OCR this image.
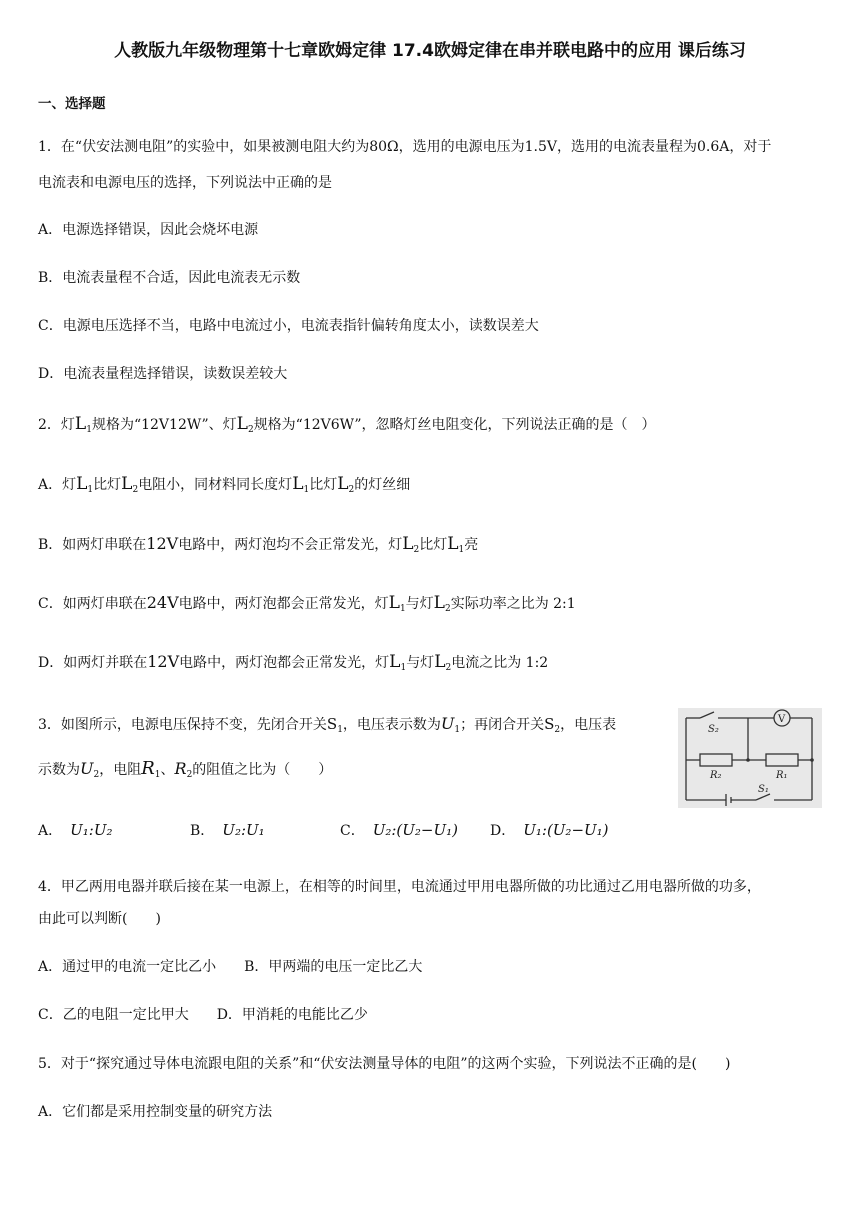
人教版九年级物理第十七章欧姆定律 17.4欧姆定律在串并联电路中的应用 课后练习
一、选择题
1．在“伏安法测电阻”的实验中，如果被测电阻大约为80Ω，选用的电源电压为1.5V，选用的电流表量程为0.6A，对于
电流表和电源电压的选择，下列说法中正确的是
A．电源选择错误，因此会烧坏电源
B．电流表量程不合适，因此电流表无示数
C．电源电压选择不当，电路中电流过小，电流表指针偏转角度太小，读数误差大
D．电流表量程选择错误，读数误差较大
2．灯$L_1$规格为“12V12W”、灯$L_2$规格为“12V6W”，忽略灯丝电阻变化，下列说法正确的是（　）
A．灯$L_1$比灯$L_2$电阻小，同材料同长度灯$L_1$比灯$L_2$的灯丝细
B．如两灯串联在12V电路中，两灯泡均不会正常发光，灯$L_2$比灯$L_1$亮
C．如两灯串联在24V电路中，两灯泡都会正常发光，灯$L_1$与灯$L_2$实际功率之比为 2:1
D．如两灯并联在12V电路中，两灯泡都会正常发光，灯$L_1$与灯$L_2$电流之比为 1:2
3．如图所示，电源电压保持不变，先闭合开关$S_1$，电压表示数为$U_1$；再闭合开关$S_2$，电压表
示数为$U_2$，电阻$R_1$、$R_2$的阻值之比为（　　）
S₂
V
R₂	R₁
S₁
A． U₁:U₂	B． U₂:U₁	C． U₂:(U₂−U₁) D． U₁:(U₂−U₁)
4．甲乙两用电器并联后接在某一电源上，在相等的时间里，电流通过甲用电器所做的功比通过乙用电器所做的功多，
由此可以判断(　　)
A．通过甲的电流一定比乙小　　B．甲两端的电压一定比乙大
C．乙的电阻一定比甲大　　D．甲消耗的电能比乙少
5．对于“探究通过导体电流跟电阻的关系”和“伏安法测量导体的电阻”的这两个实验，下列说法不正确的是(　　)
A．它们都是采用控制变量的研究方法
